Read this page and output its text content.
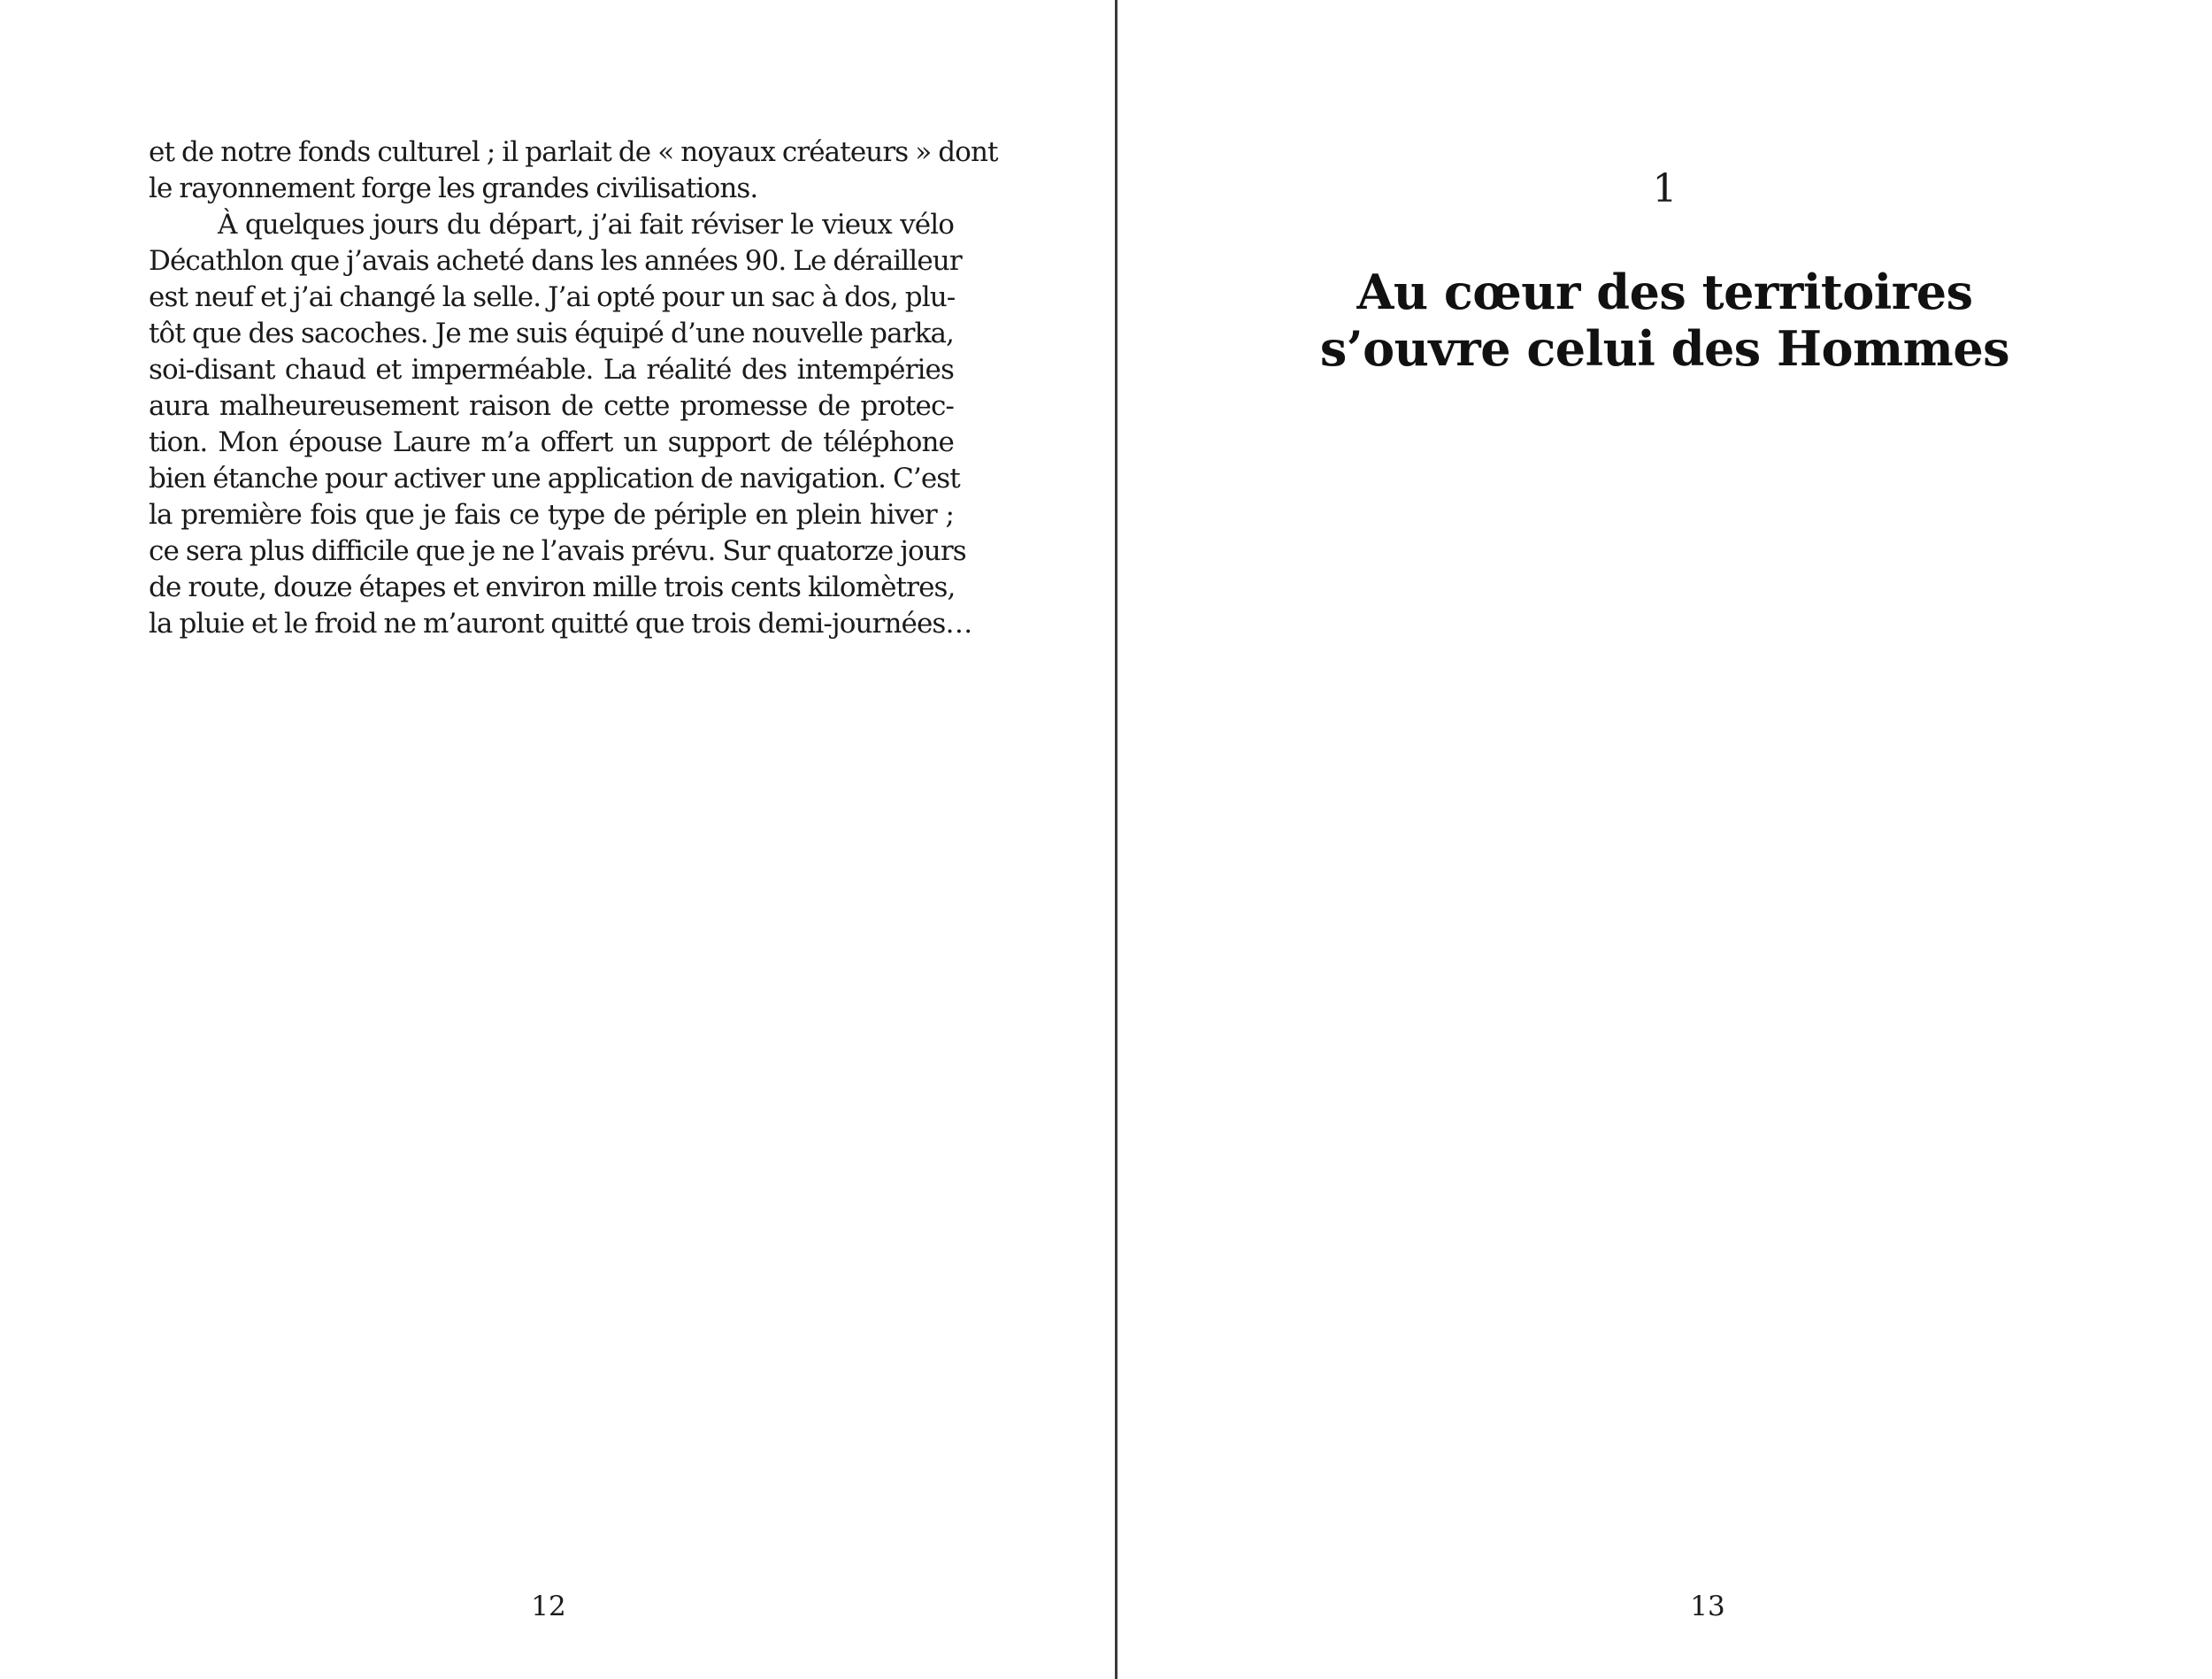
et de notre fonds culturel ; il parlait de « noyaux créateurs » dont
le rayonnement forge les grandes civilisations.
À quelques jours du départ, j’ai fait réviser le vieux vélo
Décathlon que j’avais acheté dans les années 90. Le dérailleur
est neuf et j’ai changé la selle. J’ai opté pour un sac à dos, plu-
tôt que des sacoches. Je me suis équipé d’une nouvelle parka,
soi-disant chaud et imperméable. La réalité des intempéries
aura malheureusement raison de cette promesse de protec-
tion. Mon épouse Laure m’a offert un support de téléphone
bien étanche pour activer une application de navigation. C’est
la première fois que je fais ce type de périple en plein hiver ;
ce sera plus difficile que je ne l’avais prévu. Sur quatorze jours
de route, douze étapes et environ mille trois cents kilomètres,
la pluie et le froid ne m’auront quitté que trois demi-journées…
12
1
Au cœur des territoires
s’ouvre celui des Hommes
13
